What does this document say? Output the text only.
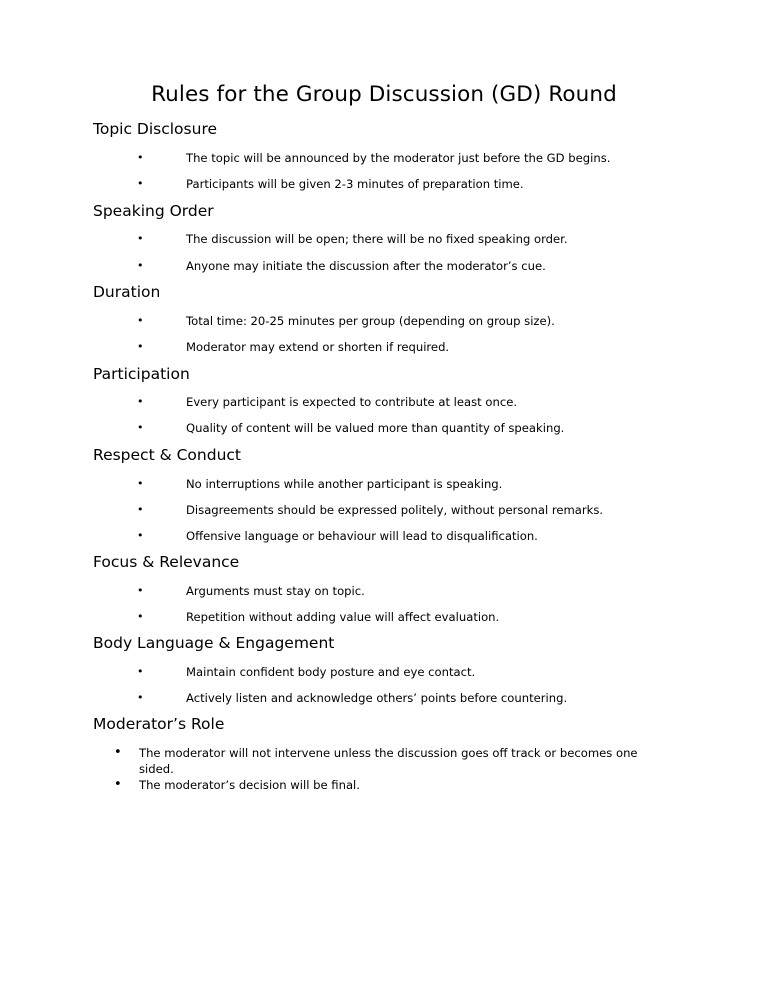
Rules for the Group Discussion (GD) Round
Topic Disclosure
•	The topic will be announced by the moderator just before the GD begins.
•	Participants will be given 2-3 minutes of preparation time.
Speaking Order
•	The discussion will be open; there will be no fixed speaking order.
•	Anyone may initiate the discussion after the moderator’s cue.
Duration
•	Total time: 20-25 minutes per group (depending on group size).
•	Moderator may extend or shorten if required.
Participation
•	Every participant is expected to contribute at least once.
•	Quality of content will be valued more than quantity of speaking.
Respect & Conduct
•	No interruptions while another participant is speaking.
•	Disagreements should be expressed politely, without personal remarks.
•	Offensive language or behaviour will lead to disqualification.
Focus & Relevance
•	Arguments must stay on topic.
•	Repetition without adding value will affect evaluation.
Body Language & Engagement
•	Maintain confident body posture and eye contact.
•	Actively listen and acknowledge others’ points before countering.
Moderator’s Role
• The moderator will not intervene unless the discussion goes off track or becomes one sided.
• The moderator’s decision will be final.
